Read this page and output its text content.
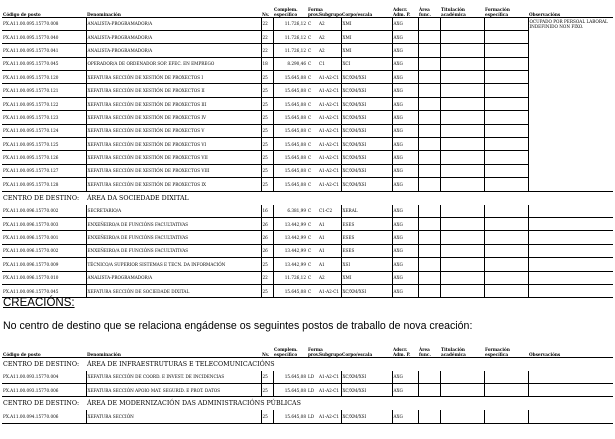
Código de posto	Denominación	Nv.	Complem. específico	Forma prov.	Subgrupo	Corpo/escala	Adscr. Adm. P.	Área func.	Titulación académica	Formación específica	Observacións
PX.A11.00.095.15770.008	ANALISTA-PROGRAMADOR/A	22	11.726,12	C	A2	XMI	AXG				OCUPADO POR PERSOAL LABORAL INDEFINIDO NON FIXO.
PX.A11.00.095.15770.040	ANALISTA-PROGRAMADOR/A	22	11.726,12	C	A2	XMI	AXG				
PX.A11.00.095.15770.041	ANALISTA-PROGRAMADOR/A	22	11.726,12	C	A2	XMI	AXG				
PX.A11.00.095.15770.045	OPERADOR/A DE ORDENADOR SOP. EFEC. EN EMPREGO	18	8.290,46	C	C1	XCI	AXG				
PX.A11.00.095.15770.120	XEFATURA SECCIÓN DE XESTIÓN DE PROXECTOS I	25	15.645,08	C	A1-A2-C1	XC/XM/XSI	AXG				
PX.A11.00.095.15770.121	XEFATURA SECCIÓN DE XESTIÓN DE PROXECTOS II	25	15.645,08	C	A1-A2-C1	XC/XM/XSI	AXG				
PX.A11.00.095.15770.122	XEFATURA SECCIÓN DE XESTIÓN DE PROXECTOS III	25	15.645,08	C	A1-A2-C1	XC/XM/XSI	AXG				
PX.A11.00.095.15770.123	XEFATURA SECCIÓN DE XESTIÓN DE PROXECTOS IV	25	15.645,08	C	A1-A2-C1	XC/XM/XSI	AXG				
PX.A11.00.095.15770.124	XEFATURA SECCIÓN DE XESTIÓN DE PROXECTOS V	25	15.645,08	C	A1-A2-C1	XC/XM/XSI	AXG				
PX.A11.00.095.15770.125	XEFATURA SECCIÓN DE XESTIÓN DE PROXECTOS VI	25	15.645,08	C	A1-A2-C1	XC/XM/XSI	AXG				
PX.A11.00.095.15770.126	XEFATURA SECCIÓN DE XESTIÓN DE PROXECTOS VII	25	15.645,08	C	A1-A2-C1	XC/XM/XSI	AXG				
PX.A11.00.095.15770.127	XEFATURA SECCIÓN DE XESTIÓN DE PROXECTOS VIII	25	15.645,08	C	A1-A2-C1	XC/XM/XSI	AXG				
PX.A11.00.095.15770.128	XEFATURA SECCIÓN DE XESTIÓN DE PROXECTOS IX	25	15.645,08	C	A1-A2-C1	XC/XM/XSI	AXG				
CENTRO DE DESTINO:	ÁREA DA SOCIEDADE DIXITAL										
PX.A11.00.096.15770.002	SECRETARIO/A	16	6.381,99	C	C1-C2	XERAL	AXG				
PX.A11.00.096.15770.003	ENXEÑEIRO/A DE FUNCIÓNS FACULTATIVAS	26	13.442,99	C	A1	ESES	AXG				
PX.A11.00.096.15770.001	ENXEÑEIRO/A DE FUNCIÓNS FACULTATIVAS	26	13.442,99	C	A1	ESES	AXG				
PX.A11.00.096.15770.002	ENXEÑEIRO/A DE FUNCIÓNS FACULTATIVAS	26	13.442,99	C	A1	ESES	AXG				
PX.A11.00.096.15770.009	TÉCNICO/A SUPERIOR SISTEMAS E TECN. DA INFORMACIÓN	25	13.442,99	C	A1	XSI	AXG				
PX.A11.00.096.15770.010	ANALISTA-PROGRAMADOR/A	22	11.726,12	C	A2	XMI	AXG				
PX.A11.00.096.15770.045	XEFATURA SECCIÓN DE SOCIEDADE DIXITAL	25	15.645,08	C	A1-A2-C1	XC/XM/XSI	AXG				
CREACIÓNS:

No centro de destino que se relaciona engádense os seguintes postos de traballo de nova creación:

Código de posto	Denominación	Nv.	Complem. específico	Forma prov.	Subgrupo	Corpo/escala	Adscr. Adm. P.	Área func.	Titulación académica	Formación específica	Observacións
CENTRO DE DESTINO:	ÁREA DE INFRAESTRUTURAS E TELECOMUNICACIÓNS										
PX.A11.00.093.15770.004	XEFATURA SECCIÓN DE COORD. E INVEST. DE INCIDENCIAS	25	15.645,08	LD	A1-A2-C1	XC/XM/XSI	AXG				
PX.A11.00.093.15770.006	XEFATURA SECCIÓN APOIO MAT. SEGURID. E PROT. DATOS	25	15.645,08	LD	A1-A2-C1	XC/XM/XSI	AXG				
CENTRO DE DESTINO:	ÁREA DE MODERNIZACIÓN DAS ADMINISTRACIÓNS PÚBLICAS										
PX.A11.00.094.15770.006	XEFATURA SECCIÓN	25	15.645,08	LD	A1-A2-C1	XC/XM/XSI	AXG				
